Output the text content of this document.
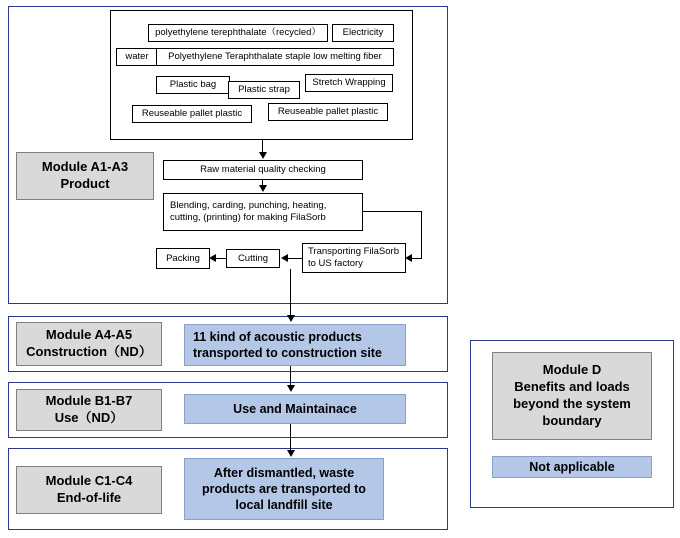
polyethylene terephthalate（recycled）	Electricity
water	Polyethylene Teraphthalate staple low melting fiber
Plastic bag	Plastic strap
Stretch Wrapping
Reuseable pallet plastic	Reuseable pallet plastic
Module A1-A3
Product
Raw material quality checking
Blending, carding, punching, heating, cutting, (printing) for making FilaSorb
Transporting FilaSorb to US factory
Cutting
Packing
Module A4-A5
Construction（ND）
11 kind of acoustic products transported to construction site
Module B1-B7
Use（ND）
Use and Maintainace
Module C1-C4
End-of-life
After dismantled, waste products are transported to local landfill site
Module D
Benefits and loads
beyond the system
boundary
Not applicable
